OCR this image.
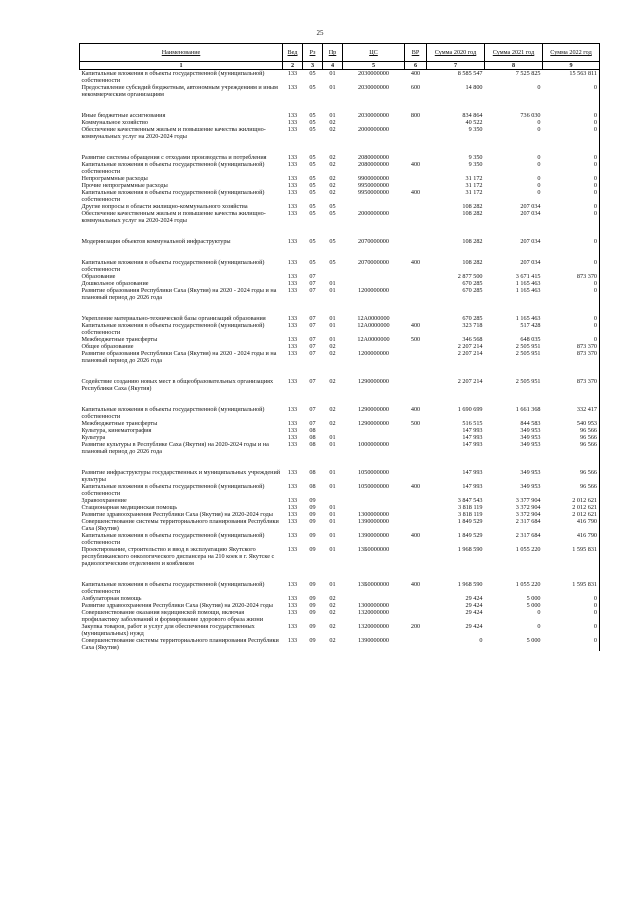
25
Наименование	Вед	Рз	Пр	ЦС	ВР	Сумма 2020 год	Сумма 2021 год	Сумма 2022 год
1	2	3	4	5	6	7	8	9
Капитальные вложения в объекты государственной (муниципальной) собственности	133	05	01	2030000000	400	8 585 547	7 525 825	15 563 811
Предоставление субсидий бюджетным, автономным учреждениям и иным некоммерческим организациям	133	05	01	2030000000	600	14 800	0	0

Иные бюджетные ассигнования	133	05	01	2030000000	800	834 864	736 030	0
Коммунальное хозяйство	133	05	02			40 522	0	0
Обеспечение качественным жильем и повышение качества жилищно-коммунальных услуг на 2020-2024 годы	133	05	02	2000000000		9 350	0	0

Развитие системы обращения с отходами производства и потребления	133	05	02	2080000000		9 350	0	0
Капитальные вложения в объекты государственной (муниципальной) собственности	133	05	02	2080000000	400	9 350	0	0
Непрограммные расходы	133	05	02	9900000000		31 172	0	0
Прочие непрограммные расходы	133	05	02	9950000000		31 172	0	0
Капитальные вложения в объекты государственной (муниципальной) собственности	133	05	02	9950000000	400	31 172	0	0
Другие вопросы в области жилищно-коммунального хозяйства	133	05	05			108 282	207 034	0
Обеспечение качественным жильем и повышение качества жилищно-коммунальных услуг на 2020-2024 годы	133	05	05	2000000000		108 282	207 034	0

Модернизация объектов коммунальной инфраструктуры	133	05	05	2070000000		108 282	207 034	0

Капитальные вложения в объекты государственной (муниципальной) собственности	133	05	05	2070000000	400	108 282	207 034	0
Образование	133	07				2 877 500	3 671 415	873 370
Дошкольное образование	133	07	01			670 285	1 165 463	0
Развитие образования Республики Саха (Якутия) на 2020 - 2024 годы и на плановый период до 2026 года	133	07	01	1200000000		670 285	1 165 463	0

Укрепление материально-технической базы организаций образования	133	07	01	12А0000000		670 285	1 165 463	0
Капитальные вложения в объекты государственной (муниципальной) собственности	133	07	01	12А0000000	400	323 718	517 428	0
Межбюджетные трансферты	133	07	01	12А0000000	500	346 568	648 035	0
Общее образование	133	07	02			2 207 214	2 505 951	873 370
Развитие образования Республики Саха (Якутия) на 2020 - 2024 годы и на плановый период до 2026 года	133	07	02	1200000000		2 207 214	2 505 951	873 370

Содействие созданию новых мест в общеобразовательных организациях Республики Саха (Якутия)	133	07	02	1290000000		2 207 214	2 505 951	873 370

Капитальные вложения в объекты государственной (муниципальной) собственности	133	07	02	1290000000	400	1 690 699	1 661 368	332 417
Межбюджетные трансферты	133	07	02	1290000000	500	516 515	844 583	540 953
Культура, кинематография	133	08				147 993	349 953	96 566
Культура	133	08	01			147 993	349 953	96 566
Развитие культуры в Республике Саха (Якутия) на 2020-2024 годы и на плановый период до 2026 года	133	08	01	1000000000		147 993	349 953	96 566

Развитие инфраструктуры государственных и муниципальных учреждений культуры	133	08	01	1050000000		147 993	349 953	96 566
Капитальные вложения в объекты государственной (муниципальной) собственности	133	08	01	1050000000	400	147 993	349 953	96 566
Здравоохранение	133	09				3 847 543	3 377 904	2 012 621
Стационарная медицинская помощь	133	09	01			3 818 119	3 372 904	2 012 621
Развитие здравоохранения Республики Саха (Якутия) на 2020-2024 годы	133	09	01	1300000000		3 818 119	3 372 904	2 012 621
Совершенствование системы территориального планирования Республики Саха (Якутия)	133	09	01	1390000000		1 849 529	2 317 684	416 790
Капитальные вложения в объекты государственной (муниципальной) собственности	133	09	01	1390000000	400	1 849 529	2 317 684	416 790
Проектирование, строительство и ввод в эксплуатацию Якутского республиканского онкологического диспансера на 210 коек в г. Якутске с радиологическим отделением и коябликом	133	09	01	13Б0000000		1 968 590	1 055 220	1 595 831

Капитальные вложения в объекты государственной (муниципальной) собственности	133	09	01	13Б0000000	400	1 968 590	1 055 220	1 595 831
Амбулаторная помощь	133	09	02			29 424	5 000	0
Развитие здравоохранения Республики Саха (Якутия) на 2020-2024 годы	133	09	02	1300000000		29 424	5 000	0
Совершенствование оказания медицинской помощи, включая профилактику заболеваний и формирование здорового образа жизни	133	09	02	1320000000		29 424	0	0
Закупка товаров, работ и услуг для обеспечения государственных (муниципальных) нужд	133	09	02	1320000000	200	29 424	0	0
Совершенствование системы территориального планирования Республики Саха (Якутия)	133	09	02	1390000000		0	5 000	0
